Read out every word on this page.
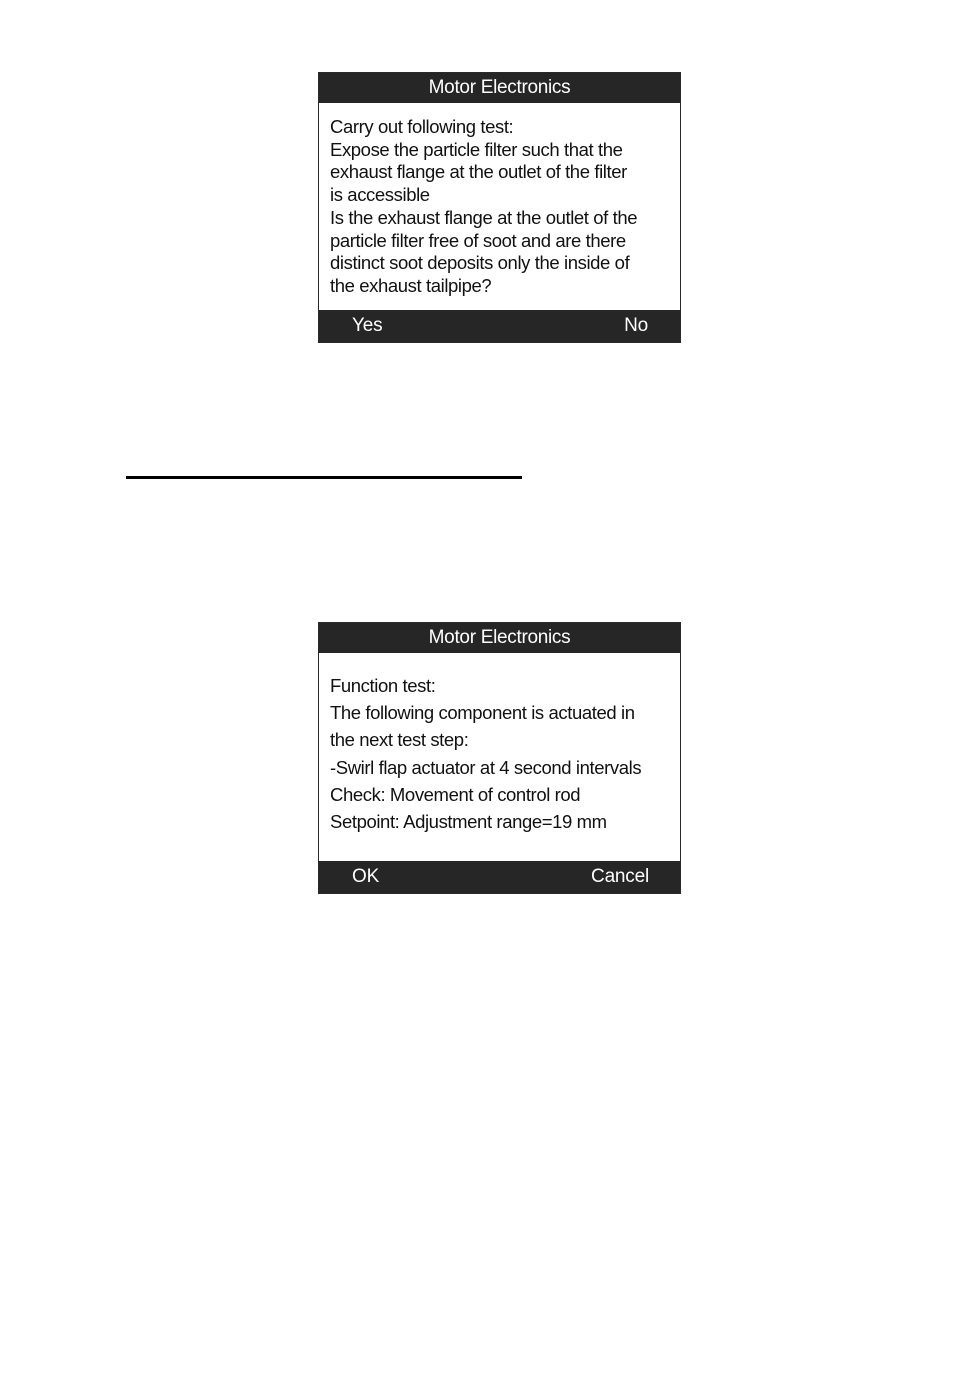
Motor Electronics
Carry out following test:
Expose the particle filter such that the
exhaust flange at the outlet of the filter
is accessible
Is the exhaust flange at the outlet of the
particle filter free of soot and are there
distinct soot deposits only the inside of
the exhaust tailpipe?
Yes	No
Motor Electronics
Function test:
The following component is actuated in
the next test step:
-Swirl flap actuator at 4 second intervals
Check: Movement of control rod
Setpoint: Adjustment range=19 mm
OK	Cancel
